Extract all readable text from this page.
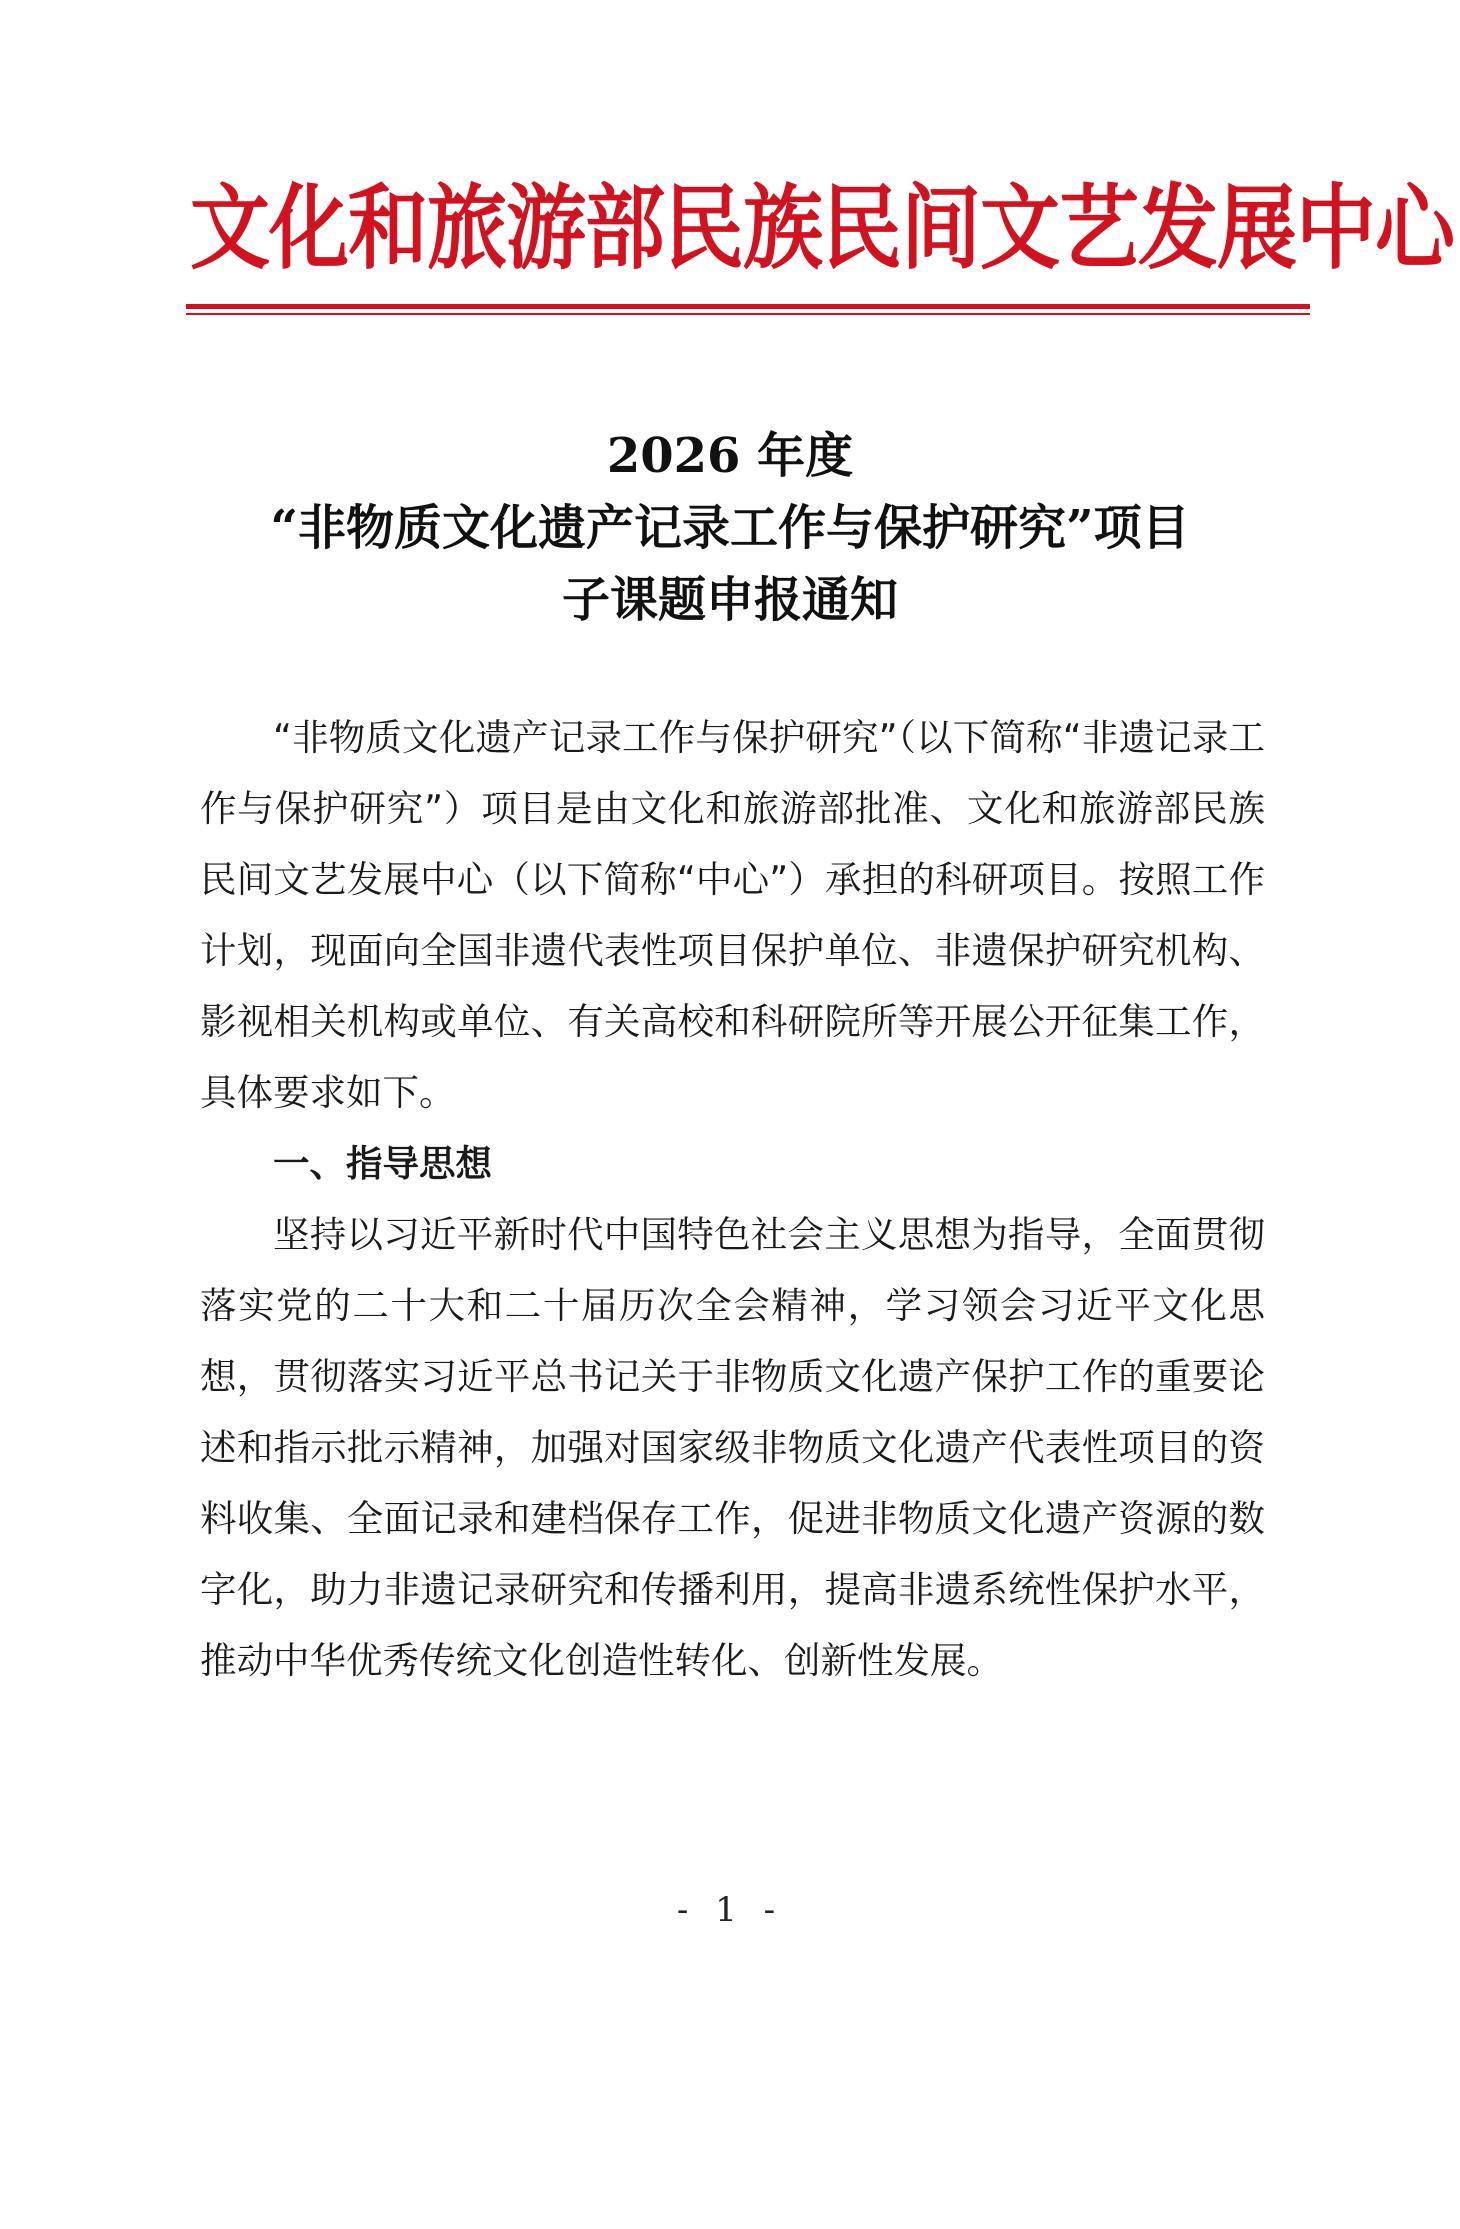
文化和旅游部民族民间文艺发展中心
2026 年度
“非物质文化遗产记录工作与保护研究”项目
子课题申报通知

“非物质文化遗产记录工作与保护研究”（以下简称“非遗记录工作与保护研究”）项目是由文化和旅游部批准、文化和旅游部民族民间文艺发展中心（以下简称“中心”）承担的科研项目。按照工作计划，现面向全国非遗代表性项目保护单位、非遗保护研究机构、影视相关机构或单位、有关高校和科研院所等开展公开征集工作，具体要求如下。

一、指导思想

坚持以习近平新时代中国特色社会主义思想为指导，全面贯彻落实党的二十大和二十届历次全会精神，学习领会习近平文化思想，贯彻落实习近平总书记关于非物质文化遗产保护工作的重要论述和指示批示精神，加强对国家级非物质文化遗产代表性项目的资料收集、全面记录和建档保存工作，促进非物质文化遗产资源的数字化，助力非遗记录研究和传播利用，提高非遗系统性保护水平，推动中华优秀传统文化创造性转化、创新性发展。

- 1 -
